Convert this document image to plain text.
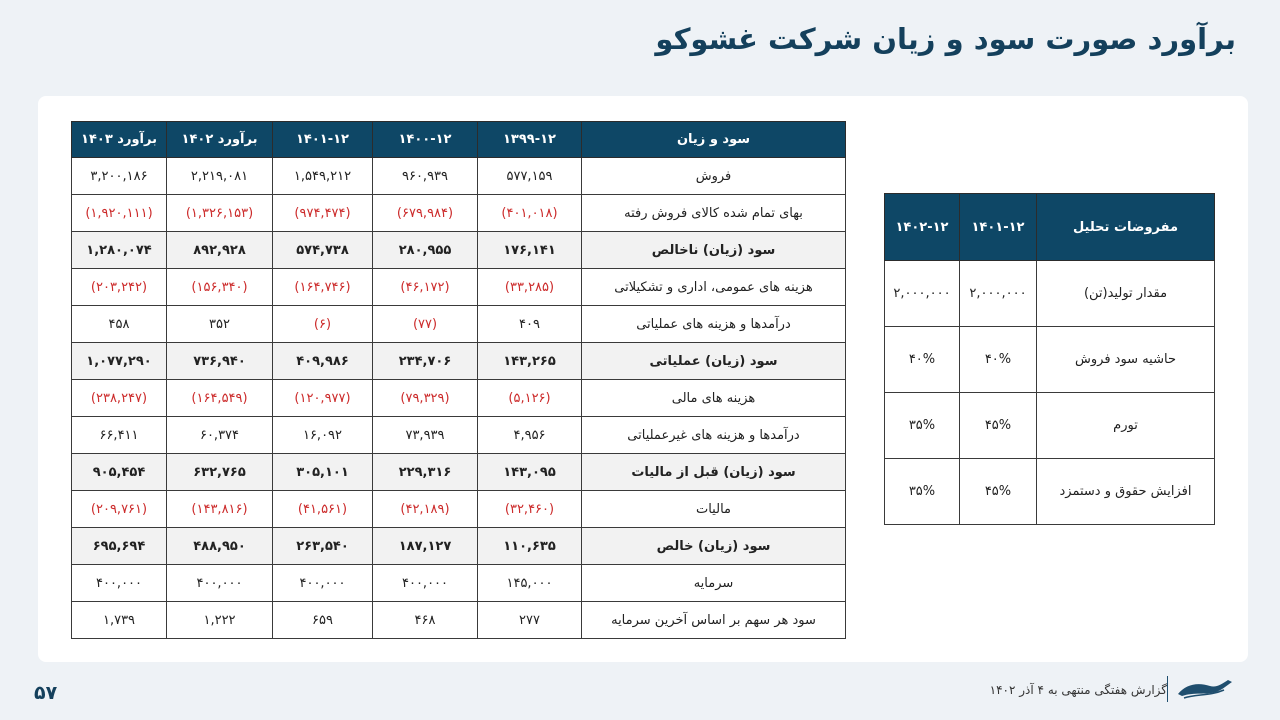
برآورد صورت سود و زیان شرکت غشوکو
سود و زیان	۱۳۹۹-۱۲	۱۴۰۰-۱۲	۱۴۰۱-۱۲	برآورد ۱۴۰۲	برآورد ۱۴۰۳
فروش	۵۷۷,۱۵۹	۹۶۰,۹۳۹	۱,۵۴۹,۲۱۲	۲,۲۱۹,۰۸۱	۳,۲۰۰,۱۸۶
بهای تمام شده کالای فروش رفته	(۴۰۱,۰۱۸)	(۶۷۹,۹۸۴)	(۹۷۴,۴۷۴)	(۱,۳۲۶,۱۵۳)	(۱,۹۲۰,۱۱۱)
سود (زیان) ناخالص	۱۷۶,۱۴۱	۲۸۰,۹۵۵	۵۷۴,۷۳۸	۸۹۲,۹۲۸	۱,۲۸۰,۰۷۴
هزینه های عمومی، اداری و تشکیلاتی	(۳۳,۲۸۵)	(۴۶,۱۷۲)	(۱۶۴,۷۴۶)	(۱۵۶,۳۴۰)	(۲۰۳,۲۴۲)
درآمدها و هزینه های عملیاتی	۴۰۹	(۷۷)	(۶)	۳۵۲	۴۵۸
سود (زیان) عملیاتی	۱۴۳,۲۶۵	۲۳۴,۷۰۶	۴۰۹,۹۸۶	۷۳۶,۹۴۰	۱,۰۷۷,۲۹۰
هزینه های مالی	(۵,۱۲۶)	(۷۹,۳۲۹)	(۱۲۰,۹۷۷)	(۱۶۴,۵۴۹)	(۲۳۸,۲۴۷)
درآمدها و هزینه های غیرعملیاتی	۴,۹۵۶	۷۳,۹۳۹	۱۶,۰۹۲	۶۰,۳۷۴	۶۶,۴۱۱
سود (زیان) قبل از مالیات	۱۴۳,۰۹۵	۲۲۹,۳۱۶	۳۰۵,۱۰۱	۶۳۲,۷۶۵	۹۰۵,۴۵۴
مالیات	(۳۲,۴۶۰)	(۴۲,۱۸۹)	(۴۱,۵۶۱)	(۱۴۳,۸۱۶)	(۲۰۹,۷۶۱)
سود (زیان) خالص	۱۱۰,۶۳۵	۱۸۷,۱۲۷	۲۶۳,۵۴۰	۴۸۸,۹۵۰	۶۹۵,۶۹۴
سرمایه	۱۴۵,۰۰۰	۴۰۰,۰۰۰	۴۰۰,۰۰۰	۴۰۰,۰۰۰	۴۰۰,۰۰۰
سود هر سهم بر اساس آخرین سرمایه	۲۷۷	۴۶۸	۶۵۹	۱,۲۲۲	۱,۷۳۹
مفروضات تحلیل	۱۴۰۱-۱۲	۱۴۰۲-۱۲
مقدار تولید(تن)	۲,۰۰۰,۰۰۰	۲,۰۰۰,۰۰۰
حاشیه سود فروش	۴۰%	۴۰%
تورم	۴۵%	۳۵%
افزایش حقوق و دستمزد	۴۵%	۳۵%
۵۷	گزارش هفتگی منتهی به ۴ آذر ۱۴۰۲
